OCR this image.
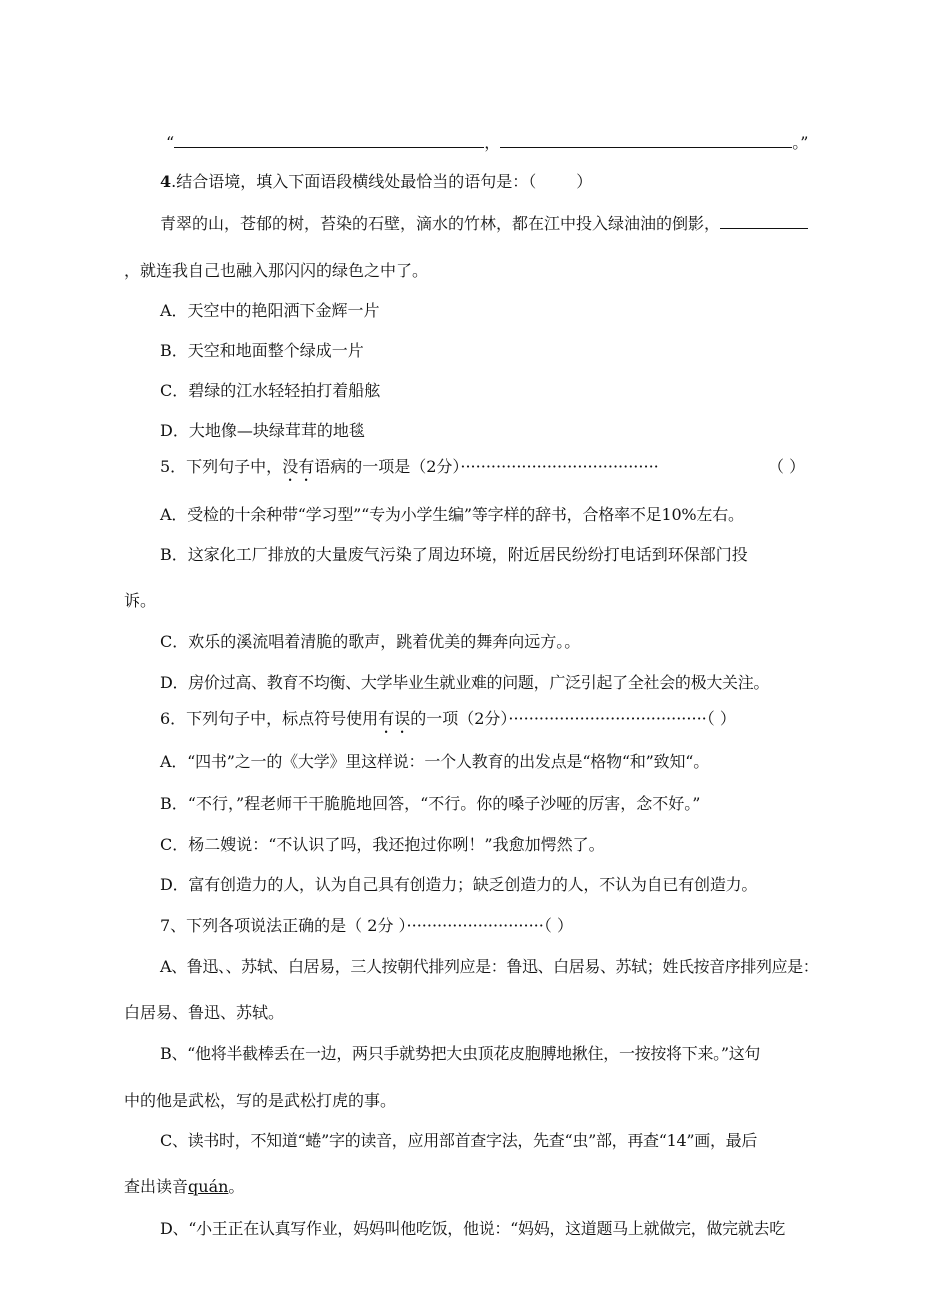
“	，	。”
4.结合语境，填入下面语段横线处最恰当的语句是：（	）
青翠的山，苍郁的树，苔染的石壁，滴水的竹林，都在江中投入绿油油的倒影，
，就连我自己也融入那闪闪的绿色之中了。
A．天空中的艳阳洒下金辉一片
B．天空和地面整个绿成一片
C．碧绿的江水轻轻拍打着船舷
D．大地像—块绿茸茸的地毯
5．下列句子中，没有语病的一项是（2分）·······································	（ ）
A．受检的十余种带“学习型”“专为小学生编”等字样的辞书，合格率不足10%左右。
B．这家化工厂排放的大量废气污染了周边环境，附近居民纷纷打电话到环保部门投
诉。
C．欢乐的溪流唱着清脆的歌声，跳着优美的舞奔向远方。。
D．房价过高、教育不均衡、大学毕业生就业难的问题，广泛引起了全社会的极大关注。
6．下列句子中，标点符号使用有误的一项（2分）·······································（ ）
A．“四书”之一的《大学》里这样说：一个人教育的出发点是“格物“和”致知“。
B．“不行，”程老师干干脆脆地回答，“不行。你的嗓子沙哑的厉害，念不好。”
C．杨二嫂说：“不认识了吗，我还抱过你咧！”我愈加愕然了。
D．富有创造力的人，认为自己具有创造力；缺乏创造力的人，不认为自已有创造力。
7、下列各项说法正确的是（ 2分 ）···························（ ）
A、鲁迅、、苏轼、白居易，三人按朝代排列应是：鲁迅、白居易、苏轼；姓氏按音序排列应是：
白居易、鲁迅、苏轼。
B、“他将半截棒丢在一边，两只手就势把大虫顶花皮胞膊地揪住，一按按将下来。”这句
中的他是武松，写的是武松打虎的事。
C、读书时，不知道“蜷”字的读音，应用部首查字法，先查“虫”部，再查“14”画，最后
查出读音quán。
D、“小王正在认真写作业，妈妈叫他吃饭，他说：“妈妈，这道题马上就做完，做完就去吃
